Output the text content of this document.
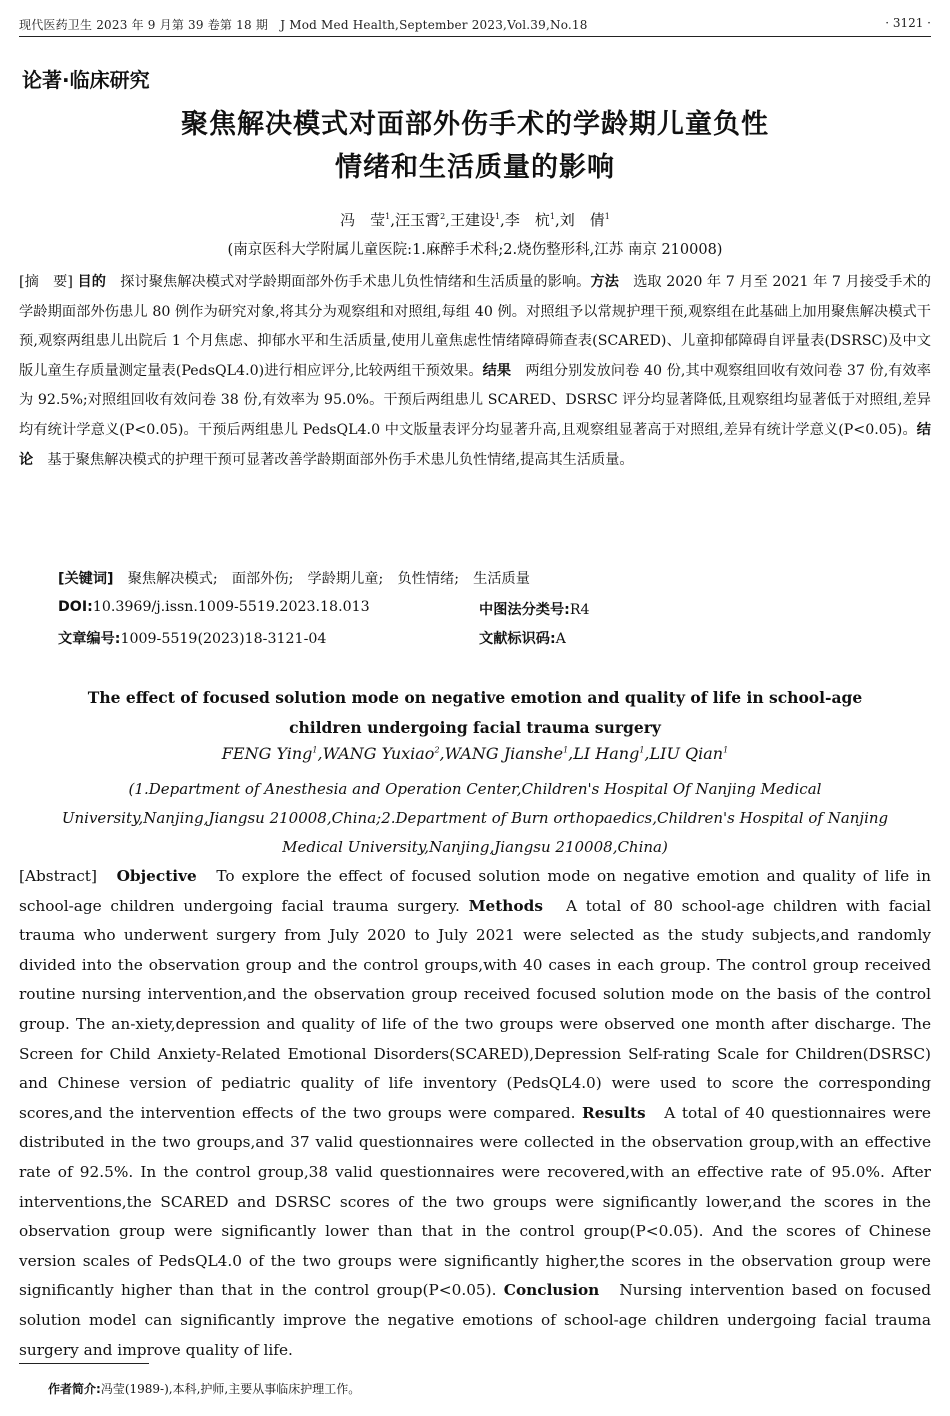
现代医药卫生 2023 年 9 月第 39 卷第 18 期　J Mod Med Health,September 2023,Vol.39,No.18	· 3121 ·
论著·临床研究
聚焦解决模式对面部外伤手术的学龄期儿童负性
情绪和生活质量的影响
冯　莹$^1$,汪玉霄$^2$,王建设$^1$,李　杭$^1$,刘　倩$^1$
(南京医科大学附属儿童医院:1.麻醉手术科;2.烧伤整形科,江苏 南京 210008)
[摘　要] 目的　 探讨聚焦解决模式对学龄期面部外伤手术患儿负性情绪和生活质量的影响。方法　 选取 2020 年 7 月至 2021 年 7 月接受手术的学龄期面部外伤患儿 80 例作为研究对象,将其分为观察组和对照组,每组 40 例。对照组予以常规护理干预,观察组在此基础上加用聚焦解决模式干预,观察两组患儿出院后 1 个月焦虑、抑郁水平和生活质量,使用儿童焦虑性情绪障碍筛查表(SCARED)、儿童抑郁障碍自评量表(DSRSC)及中文版儿童生存质量测定量表(PedsQL4.0)进行相应评分,比较两组干预效果。结果　 两组分别发放问卷 40 份,其中观察组回收有效问卷 37 份,有效率为 92.5%;对照组回收有效问卷 38 份,有效率为 95.0%。干预后两组患儿 SCARED、DSRSC 评分均显著降低,且观察组均显著低于对照组,差异均有统计学意义(P<0.05)。干预后两组患儿 PedsQL4.0 中文版量表评分均显著升高,且观察组显著高于对照组,差异有统计学意义(P<0.05)。结论　 基于聚焦解决模式的护理干预可显著改善学龄期面部外伤手术患儿负性情绪,提高其生活质量。
[关键词]　 聚焦解决模式;　面部外伤;　学龄期儿童;　负性情绪;　生活质量
DOI:10.3969/j.issn.1009-5519.2023.18.013	中图法分类号:R4
文章编号:1009-5519(2023)18-3121-04	文献标识码:A
The effect of focused solution mode on negative emotion and quality of life in school-age
children undergoing facial trauma surgery
FENG Ying$^1$,WANG Yuxiao$^2$,WANG Jianshe$^1$,LI Hang$^1$,LIU Qian$^1$
(1.Department of Anesthesia and Operation Center,Children's Hospital Of Nanjing Medical University,Nanjing,Jiangsu 210008,China;2.Department of Burn orthopaedics,Children's Hospital of Nanjing Medical University,Nanjing,Jiangsu 210008,China)
[Abstract]　 Objective　 To explore the effect of focused solution mode on negative emotion and quality of life in school-age children undergoing facial trauma surgery. Methods　 A total of 80 school-age children with facial trauma who underwent surgery from July 2020 to July 2021 were selected as the study subjects,and randomly divided into the observation group and the control groups,with 40 cases in each group. The control group received routine nursing intervention,and the observation group received focused solution mode on the basis of the control group. The an-xiety,depression and quality of life of the two groups were observed one month after discharge. The Screen for Child Anxiety-Related Emotional Disorders(SCARED),Depression Self-rating Scale for Children(DSRSC) and Chinese version of pediatric quality of life inventory (PedsQL4.0) were used to score the corresponding scores,and the intervention effects of the two groups were compared. Results　 A total of 40 questionnaires were distributed in the two groups,and 37 valid questionnaires were collected in the observation group,with an effective rate of 92.5%. In the control group,38 valid questionnaires were recovered,with an effective rate of 95.0%. After interventions,the SCARED and DSRSC scores of the two groups were significantly lower,and the scores in the observation group were significantly lower than that in the control group(P<0.05). And the scores of Chinese version scales of PedsQL4.0 of the two groups were significantly higher,the scores in the observation group were significantly higher than that in the control group(P<0.05). Conclusion　 Nursing intervention based on focused solution model can significantly improve the negative emotions of school-age children undergoing facial trauma surgery and improve quality of life.
作者简介:冯莹(1989-),本科,护师,主要从事临床护理工作。
